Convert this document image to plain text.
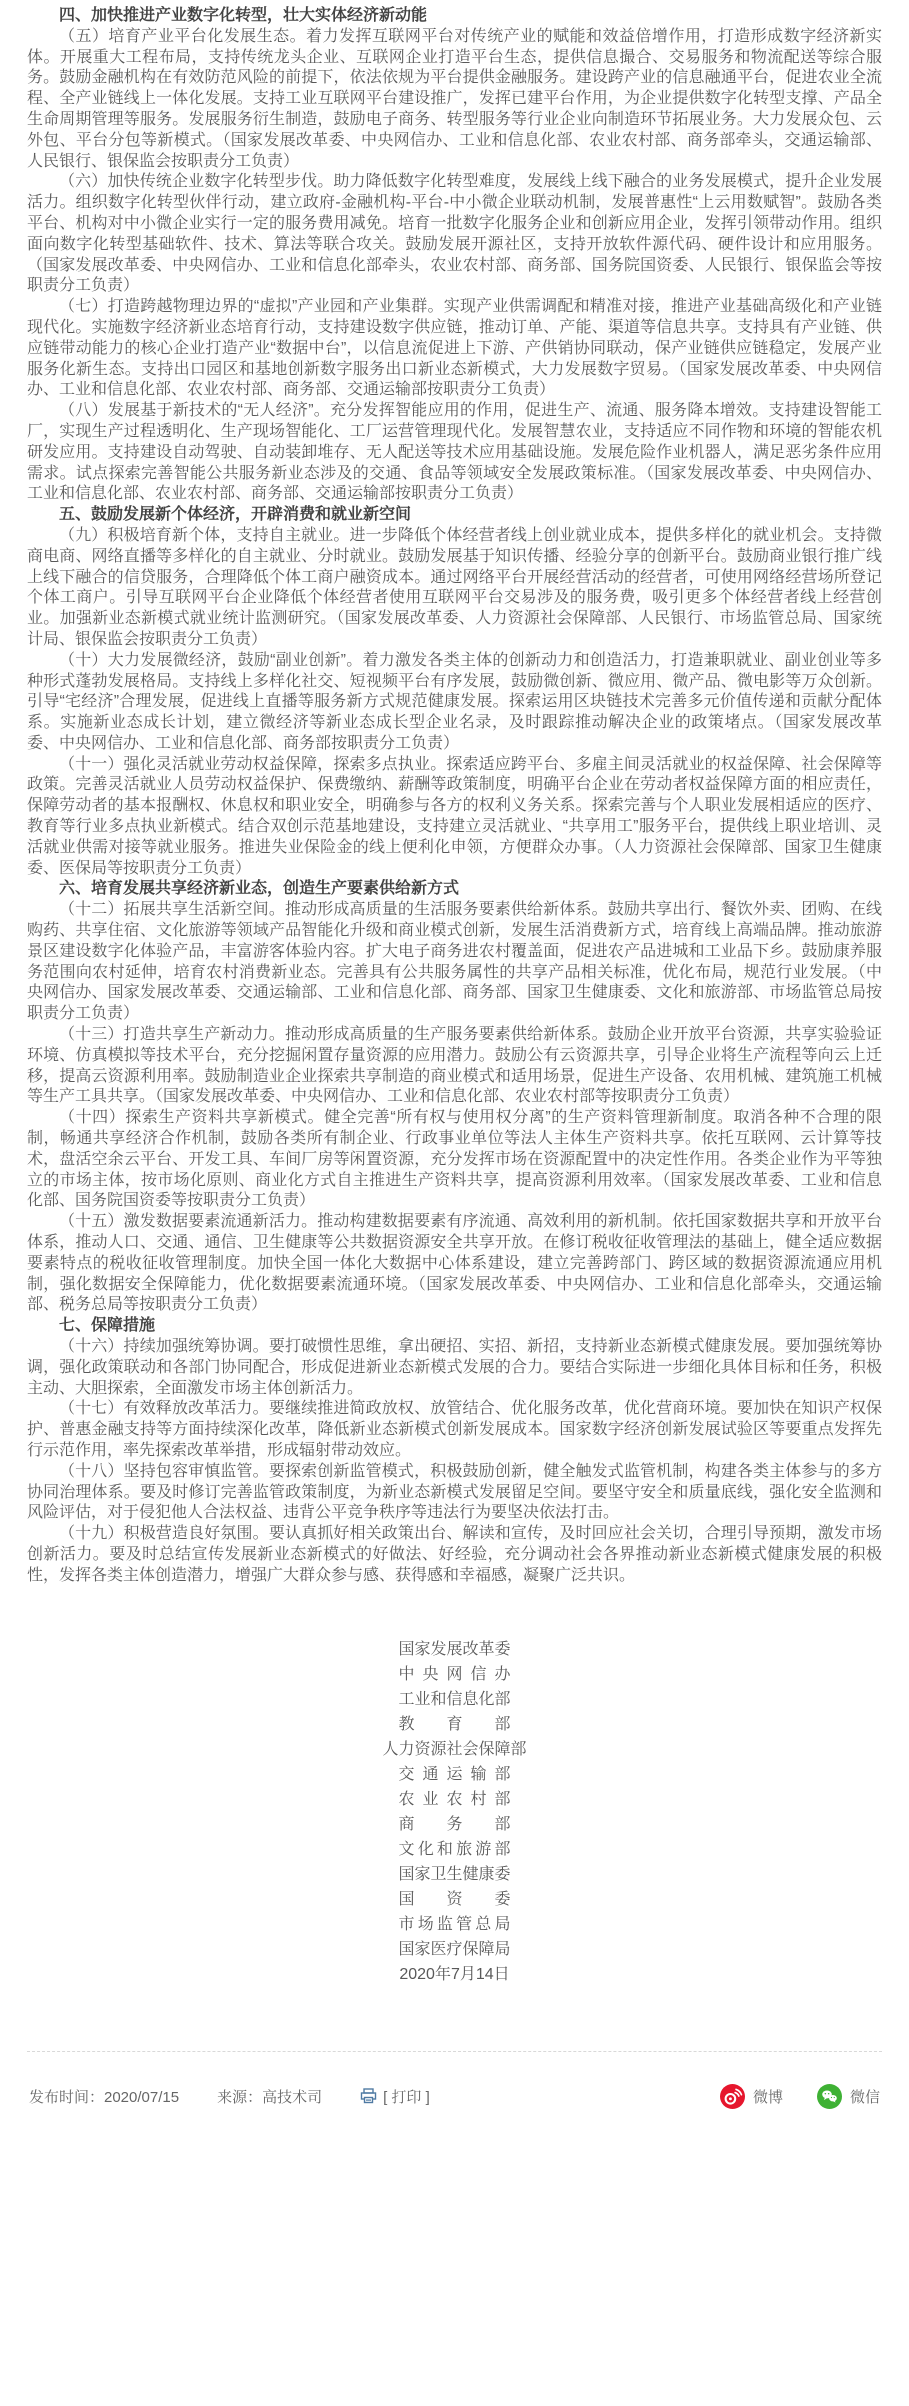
四、加快推进产业数字化转型，壮大实体经济新动能

（五）培育产业平台化发展生态。着力发挥互联网平台对传统产业的赋能和效益倍增作用，打造形成数字经济新实体。开展重大工程布局，支持传统龙头企业、互联网企业打造平台生态，提供信息撮合、交易服务和物流配送等综合服务。鼓励金融机构在有效防范风险的前提下，依法依规为平台提供金融服务。建设跨产业的信息融通平台，促进农业全流程、全产业链线上一体化发展。支持工业互联网平台建设推广，发挥已建平台作用，为企业提供数字化转型支撑、产品全生命周期管理等服务。发展服务衍生制造，鼓励电子商务、转型服务等行业企业向制造环节拓展业务。大力发展众包、云外包、平台分包等新模式。（国家发展改革委、中央网信办、工业和信息化部、农业农村部、商务部牵头，交通运输部、人民银行、银保监会按职责分工负责）

（六）加快传统企业数字化转型步伐。助力降低数字化转型难度，发展线上线下融合的业务发展模式，提升企业发展活力。组织数字化转型伙伴行动，建立政府-金融机构-平台-中小微企业联动机制，发展普惠性“上云用数赋智”。鼓励各类平台、机构对中小微企业实行一定的服务费用减免。培育一批数字化服务企业和创新应用企业，发挥引领带动作用。组织面向数字化转型基础软件、技术、算法等联合攻关。鼓励发展开源社区，支持开放软件源代码、硬件设计和应用服务。（国家发展改革委、中央网信办、工业和信息化部牵头，农业农村部、商务部、国务院国资委、人民银行、银保监会等按职责分工负责）

（七）打造跨越物理边界的“虚拟”产业园和产业集群。实现产业供需调配和精准对接，推进产业基础高级化和产业链现代化。实施数字经济新业态培育行动，支持建设数字供应链，推动订单、产能、渠道等信息共享。支持具有产业链、供应链带动能力的核心企业打造产业“数据中台”，以信息流促进上下游、产供销协同联动，保产业链供应链稳定，发展产业服务化新生态。支持出口园区和基地创新数字服务出口新业态新模式，大力发展数字贸易。（国家发展改革委、中央网信办、工业和信息化部、农业农村部、商务部、交通运输部按职责分工负责）

（八）发展基于新技术的“无人经济”。充分发挥智能应用的作用，促进生产、流通、服务降本增效。支持建设智能工厂，实现生产过程透明化、生产现场智能化、工厂运营管理现代化。发展智慧农业，支持适应不同作物和环境的智能农机研发应用。支持建设自动驾驶、自动装卸堆存、无人配送等技术应用基础设施。发展危险作业机器人，满足恶劣条件应用需求。试点探索完善智能公共服务新业态涉及的交通、食品等领域安全发展政策标准。（国家发展改革委、中央网信办、工业和信息化部、农业农村部、商务部、交通运输部按职责分工负责）

五、鼓励发展新个体经济，开辟消费和就业新空间

（九）积极培育新个体，支持自主就业。进一步降低个体经营者线上创业就业成本，提供多样化的就业机会。支持微商电商、网络直播等多样化的自主就业、分时就业。鼓励发展基于知识传播、经验分享的创新平台。鼓励商业银行推广线上线下融合的信贷服务，合理降低个体工商户融资成本。通过网络平台开展经营活动的经营者，可使用网络经营场所登记个体工商户。引导互联网平台企业降低个体经营者使用互联网平台交易涉及的服务费，吸引更多个体经营者线上经营创业。加强新业态新模式就业统计监测研究。（国家发展改革委、人力资源社会保障部、人民银行、市场监管总局、国家统计局、银保监会按职责分工负责）

（十）大力发展微经济，鼓励“副业创新”。着力激发各类主体的创新动力和创造活力，打造兼职就业、副业创业等多种形式蓬勃发展格局。支持线上多样化社交、短视频平台有序发展，鼓励微创新、微应用、微产品、微电影等万众创新。引导“宅经济”合理发展，促进线上直播等服务新方式规范健康发展。探索运用区块链技术完善多元价值传递和贡献分配体系。实施新业态成长计划，建立微经济等新业态成长型企业名录，及时跟踪推动解决企业的政策堵点。（国家发展改革委、中央网信办、工业和信息化部、商务部按职责分工负责）

（十一）强化灵活就业劳动权益保障，探索多点执业。探索适应跨平台、多雇主间灵活就业的权益保障、社会保障等政策。完善灵活就业人员劳动权益保护、保费缴纳、薪酬等政策制度，明确平台企业在劳动者权益保障方面的相应责任，保障劳动者的基本报酬权、休息权和职业安全，明确参与各方的权利义务关系。探索完善与个人职业发展相适应的医疗、教育等行业多点执业新模式。结合双创示范基地建设，支持建立灵活就业、“共享用工”服务平台，提供线上职业培训、灵活就业供需对接等就业服务。推进失业保险金的线上便利化申领，方便群众办事。（人力资源社会保障部、国家卫生健康委、医保局等按职责分工负责）

六、培育发展共享经济新业态，创造生产要素供给新方式

（十二）拓展共享生活新空间。推动形成高质量的生活服务要素供给新体系。鼓励共享出行、餐饮外卖、团购、在线购药、共享住宿、文化旅游等领域产品智能化升级和商业模式创新，发展生活消费新方式，培育线上高端品牌。推动旅游景区建设数字化体验产品，丰富游客体验内容。扩大电子商务进农村覆盖面，促进农产品进城和工业品下乡。鼓励康养服务范围向农村延伸，培育农村消费新业态。完善具有公共服务属性的共享产品相关标准，优化布局，规范行业发展。（中央网信办、国家发展改革委、交通运输部、工业和信息化部、商务部、国家卫生健康委、文化和旅游部、市场监管总局按职责分工负责）

（十三）打造共享生产新动力。推动形成高质量的生产服务要素供给新体系。鼓励企业开放平台资源，共享实验验证环境、仿真模拟等技术平台，充分挖掘闲置存量资源的应用潜力。鼓励公有云资源共享，引导企业将生产流程等向云上迁移，提高云资源利用率。鼓励制造业企业探索共享制造的商业模式和适用场景，促进生产设备、农用机械、建筑施工机械等生产工具共享。（国家发展改革委、中央网信办、工业和信息化部、农业农村部等按职责分工负责）

（十四）探索生产资料共享新模式。健全完善“所有权与使用权分离”的生产资料管理新制度。取消各种不合理的限制，畅通共享经济合作机制，鼓励各类所有制企业、行政事业单位等法人主体生产资料共享。依托互联网、云计算等技术，盘活空余云平台、开发工具、车间厂房等闲置资源，充分发挥市场在资源配置中的决定性作用。各类企业作为平等独立的市场主体，按市场化原则、商业化方式自主推进生产资料共享，提高资源利用效率。（国家发展改革委、工业和信息化部、国务院国资委等按职责分工负责）

（十五）激发数据要素流通新活力。推动构建数据要素有序流通、高效利用的新机制。依托国家数据共享和开放平台体系，推动人口、交通、通信、卫生健康等公共数据资源安全共享开放。在修订税收征收管理法的基础上，健全适应数据要素特点的税收征收管理制度。加快全国一体化大数据中心体系建设，建立完善跨部门、跨区域的数据资源流通应用机制，强化数据安全保障能力，优化数据要素流通环境。（国家发展改革委、中央网信办、工业和信息化部牵头，交通运输部、税务总局等按职责分工负责）

七、保障措施

（十六）持续加强统筹协调。要打破惯性思维，拿出硬招、实招、新招，支持新业态新模式健康发展。要加强统筹协调，强化政策联动和各部门协同配合，形成促进新业态新模式发展的合力。要结合实际进一步细化具体目标和任务，积极主动、大胆探索，全面激发市场主体创新活力。

（十七）有效释放改革活力。要继续推进简政放权、放管结合、优化服务改革，优化营商环境。要加快在知识产权保护、普惠金融支持等方面持续深化改革，降低新业态新模式创新发展成本。国家数字经济创新发展试验区等要重点发挥先行示范作用，率先探索改革举措，形成辐射带动效应。

（十八）坚持包容审慎监管。要探索创新监管模式，积极鼓励创新，健全触发式监管机制，构建各类主体参与的多方协同治理体系。要及时修订完善监管政策制度，为新业态新模式发展留足空间。要坚守安全和质量底线，强化安全监测和风险评估，对于侵犯他人合法权益、违背公平竞争秩序等违法行为要坚决依法打击。

（十九）积极营造良好氛围。要认真抓好相关政策出台、解读和宣传，及时回应社会关切，合理引导预期，激发市场创新活力。要及时总结宣传发展新业态新模式的好做法、好经验，充分调动社会各界推动新业态新模式健康发展的积极性，发挥各类主体创造潜力，增强广大群众参与感、获得感和幸福感，凝聚广泛共识。

国家发展改革委
中央网信办
工业和信息化部
教育部
人力资源社会保障部
交通运输部
农业农村部
商务部
文化和旅游部
国家卫生健康委
国资委
市场监管总局
国家医疗保障局
2020年7月14日
发布时间：2020/07/15	来源：高技术司	[ 打印 ]	微博	微信
